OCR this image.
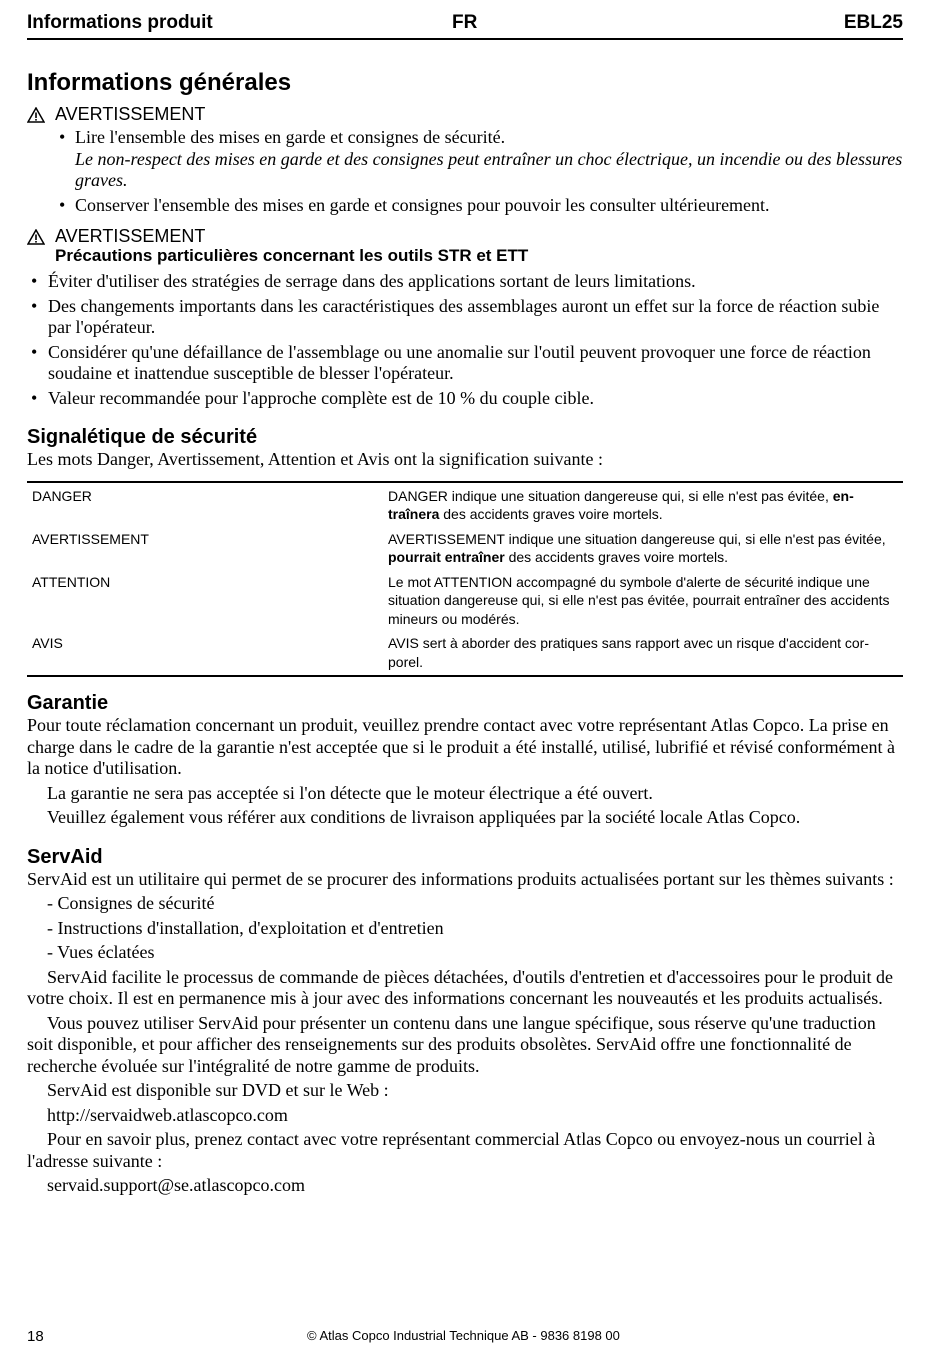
Informations produit	FR	EBL25
Informations générales
AVERTISSEMENT
• Lire l'ensemble des mises en garde et consignes de sécurité.
Le non-respect des mises en garde et des consignes peut entraîner un choc électrique, un incendie ou des blessures graves.
• Conserver l'ensemble des mises en garde et consignes pour pouvoir les consulter ultérieurement.
AVERTISSEMENT
Précautions particulières concernant les outils STR et ETT
• Éviter d'utiliser des stratégies de serrage dans des applications sortant de leurs limitations.
• Des changements importants dans les caractéristiques des assemblages auront un effet sur la force de réaction subie par l'opérateur.
• Considérer qu'une défaillance de l'assemblage ou une anomalie sur l'outil peuvent provoquer une force de réaction soudaine et inattendue susceptible de blesser l'opérateur.
• Valeur recommandée pour l'approche complète est de 10 % du couple cible.
Signalétique de sécurité

Les mots Danger, Avertissement, Attention et Avis ont la signification suivante :

DANGER	DANGER indique une situation dangereuse qui, si elle n'est pas évitée, entraînera des accidents graves voire mortels.
AVERTISSEMENT	AVERTISSEMENT indique une situation dangereuse qui, si elle n'est pas évitée, pourrait entraîner des accidents graves voire mortels.
ATTENTION	Le mot ATTENTION accompagné du symbole d'alerte de sécurité indique une situation dangereuse qui, si elle n'est pas évitée, pourrait entraîner des accidents mineurs ou modérés.
AVIS	AVIS sert à aborder des pratiques sans rapport avec un risque d'accident corporel.
Garantie

Pour toute réclamation concernant un produit, veuillez prendre contact avec votre représentant Atlas Copco. La prise en charge dans le cadre de la garantie n'est acceptée que si le produit a été installé, utilisé, lubrifié et révisé conformément à la notice d'utilisation.

La garantie ne sera pas acceptée si l'on détecte que le moteur électrique a été ouvert.

Veuillez également vous référer aux conditions de livraison appliquées par la société locale Atlas Copco.

ServAid

ServAid est un utilitaire qui permet de se procurer des informations produits actualisées portant sur les thèmes suivants :

- Consignes de sécurité

- Instructions d'installation, d'exploitation et d'entretien

- Vues éclatées

ServAid facilite le processus de commande de pièces détachées, d'outils d'entretien et d'accessoires pour le produit de votre choix. Il est en permanence mis à jour avec des informations concernant les nouveautés et les produits actualisés.

Vous pouvez utiliser ServAid pour présenter un contenu dans une langue spécifique, sous réserve qu'une traduction soit disponible, et pour afficher des renseignements sur des produits obsolètes. ServAid offre une fonctionnalité de recherche évoluée sur l'intégralité de notre gamme de produits.

ServAid est disponible sur DVD et sur le Web :

http://servaidweb.atlascopco.com

Pour en savoir plus, prenez contact avec votre représentant commercial Atlas Copco ou envoyez-nous un courriel à l'adresse suivante :

servaid.support@se.atlascopco.com

18	© Atlas Copco Industrial Technique AB - 9836 8198 00
